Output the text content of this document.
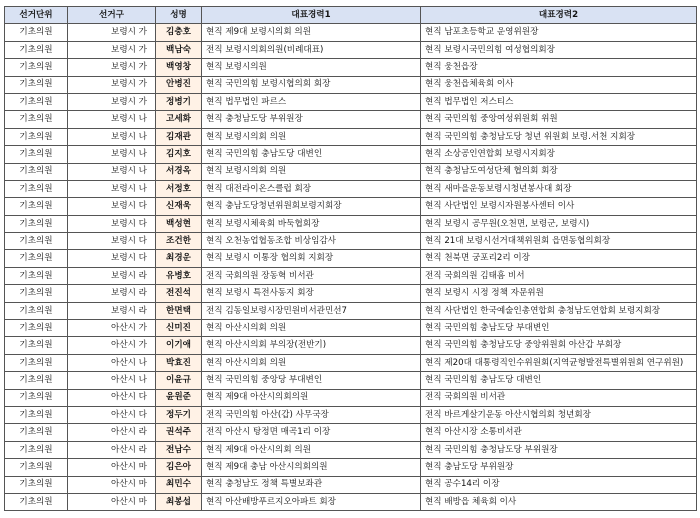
선거단위	선거구	성명	대표경력1	대표경력2
기초의원	보령시 가	김충호	현직 제9대 보령시의회 의원	현직 남포초등학교 운영위원장
기초의원	보령시 가	백남숙	전직 보령시의회의원(비례대표)	현직 보령시국민의힘 여성협의회장
기초의원	보령시 가	백영창	현직 보령시의원	현직 웅천읍장
기초의원	보령시 가	안병진	현직 국민의힘 보령시협의회 회장	현직 웅천읍체육회 이사
기초의원	보령시 가	정병기	현직 법무법인 파르스	현직 법무법인 저스티스
기초의원	보령시 나	고세화	현직 충청남도당 부위원장	현직 국민의힘 중앙여성위원회 위원
기초의원	보령시 나	김재관	현직 보령시의회 의원	현직 국민의힘 충청남도당 청년 위원회 보령.서천 지회장
기초의원	보령시 나	김지호	현직 국민의힘 충남도당 대변인	현직 소상공인연합회 보령시지회장
기초의원	보령시 나	서경옥	현직 보령시의회 의원	현직 충청남도여성단체 협의회 회장
기초의원	보령시 나	서정호	현직 대전라이온스클럽 회장	현직 새마을운동보령시청년봉사대 회장
기초의원	보령시 다	신재욱	현직 충남도당청년위원회보령지회장	현직 사단법인 보령시자원봉사센터 이사
기초의원	보령시 다	백성현	현직 보령시체육회 바둑협회장	현직 보령시 공무원(오천면, 보령군, 보령시)
기초의원	보령시 다	조건한	현직 오천농업협동조합 비상임감사	현직 21대 보령시선거대책위원회 읍면동협의회장
기초의원	보령시 다	최경운	현직 보령시 이통장 협의회 지회장	현직 천북면 궁포리2리 이장
기초의원	보령시 라	유병호	전직 국회의원 장동혁 비서관	전직 국회의원 김태흠 비서
기초의원	보령시 라	전진석	현직 보령시 특전사동지 회장	현직 보령시 시정 정책 자문위원
기초의원	보령시 라	한면택	전직 김동일보령시장민원비서관민선7	현직 사단법인 한국예술인총연합회 충청남도연합회 보령지회장
기초의원	아산시 가	신미진	현직 아산시의회 의원	현직 국민의힘 충남도당 부대변인
기초의원	아산시 가	이기애	현직 아산시의회 부의장(전반기)	현직 국민의힘 충청남도당 중앙위원회 아산갑 부회장
기초의원	아산시 나	박효진	현직 아산시의회 의원	현직 제20대 대통령직인수위원회(지역균형발전특별위원회 연구위원)
기초의원	아산시 나	이윤규	현직 국민의힘 중앙당 부대변인	현직 국민의힘 충남도당 대변인
기초의원	아산시 다	윤원준	현직 제9대 아산시의회의원	전직 국회의원 비서관
기초의원	아산시 다	정두기	전직 국민의힘 아산(갑) 사무국장	전직 바르게살기운동 아산시협의회 청년회장
기초의원	아산시 라	권석주	전직 아산시 탕정면 매곡1리 이장	현직 아산시장 소통비서관
기초의원	아산시 라	전남수	현직 제9대 아산시의회 의원	현직 국민의힘 충청남도당 부위원장
기초의원	아산시 마	김은아	현직 제9대 충남 아산시의회의원	현직 충남도당 부위원장
기초의원	아산시 마	최민수	현직 충청남도 정책 특별보좌관	현직 공수14리 이장
기초의원	아산시 마	최봉섭	현직 아산배방푸르지오아파트 회장	현직 배방읍 체육회 이사
